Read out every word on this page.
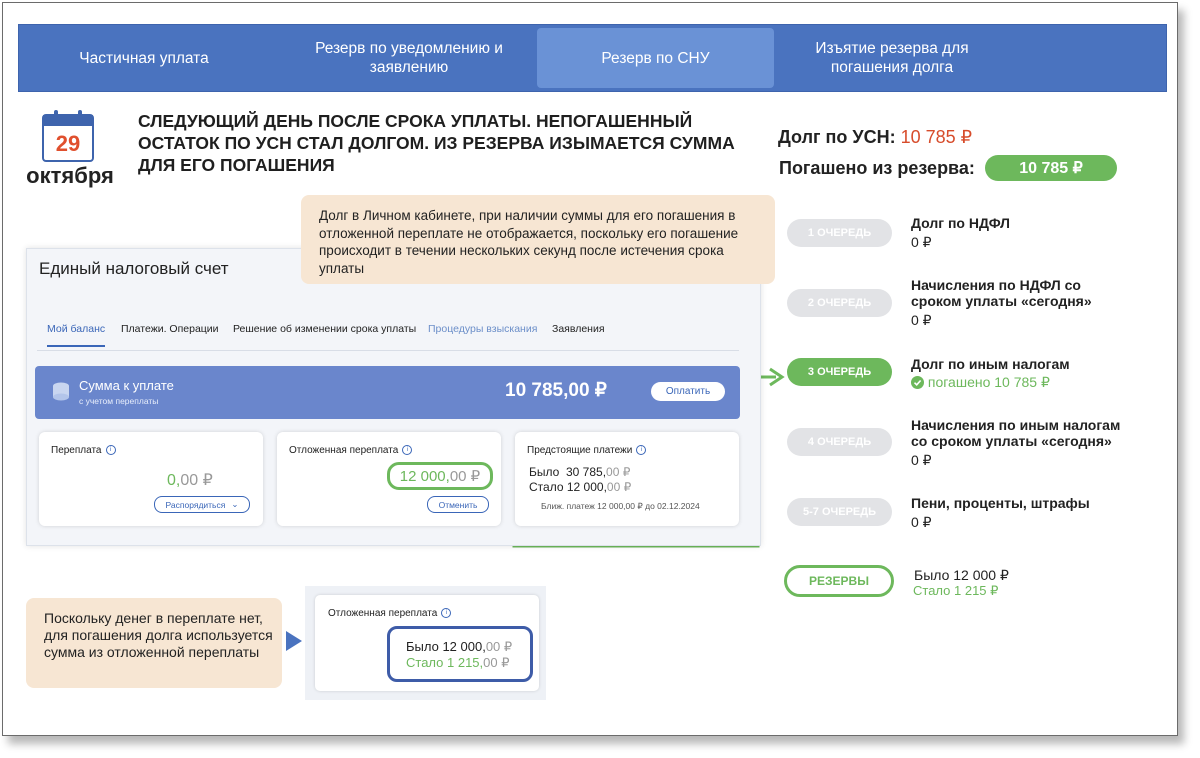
Частичная уплата
Резерв по уведомлению и заявлению
Резерв по СНУ
Изъятие резерва для погашения долга
29
октября
СЛЕДУЮЩИЙ ДЕНЬ ПОСЛЕ СРОКА УПЛАТЫ. НЕПОГАШЕННЫЙ ОСТАТОК ПО УСН СТАЛ ДОЛГОМ. ИЗ РЕЗЕРВА ИЗЫМАЕТСЯ СУММА ДЛЯ ЕГО ПОГАШЕНИЯ
Долг по УСН: 10 785 ₽
Погашено из резерва:	10 785 ₽
Единый налоговый счет
Мой баланс Платежи. Операции Решение об изменении срока уплаты Процедуры взыскания Заявления
Сумма к уплате
с учетом переплаты	10 785,00 ₽	Оплатить
Переплата i
0,00 ₽
Распорядиться ⌄
Отложенная переплата i
12 000, 00 ₽
Отменить
Предстоящие платежи i
Было 30 785,00 ₽
Стало 12 000,00 ₽
Ближ. платеж 12 000,00 ₽ до 02.12.2024
Долг в Личном кабинете, при наличии суммы для его погашения в отложенной переплате не отображается, поскольку его погашение происходит в течении нескольких секунд после истечения срока уплаты
1 ОЧЕРЕДЬ
Долг по НДФЛ
0 ₽
2 ОЧЕРЕДЬ
Начисления по НДФЛ со сроком уплаты «сегодня»
0 ₽
3 ОЧЕРЕДЬ	Долг по иным налогам
погашено 10 785 ₽
4 ОЧЕРЕДЬ
Начисления по иным налогам со сроком уплаты «сегодня»
0 ₽
5-7 ОЧЕРЕДЬ
Пени, проценты, штрафы
0 ₽
РЕЗЕРВЫ	Было 12 000 ₽
Стало 1 215 ₽
Поскольку денег в переплате нет, для погашения долга используется сумма из отложенной переплаты
Отложенная переплата i
Было 12 000,00 ₽
Стало 1 215,00 ₽
